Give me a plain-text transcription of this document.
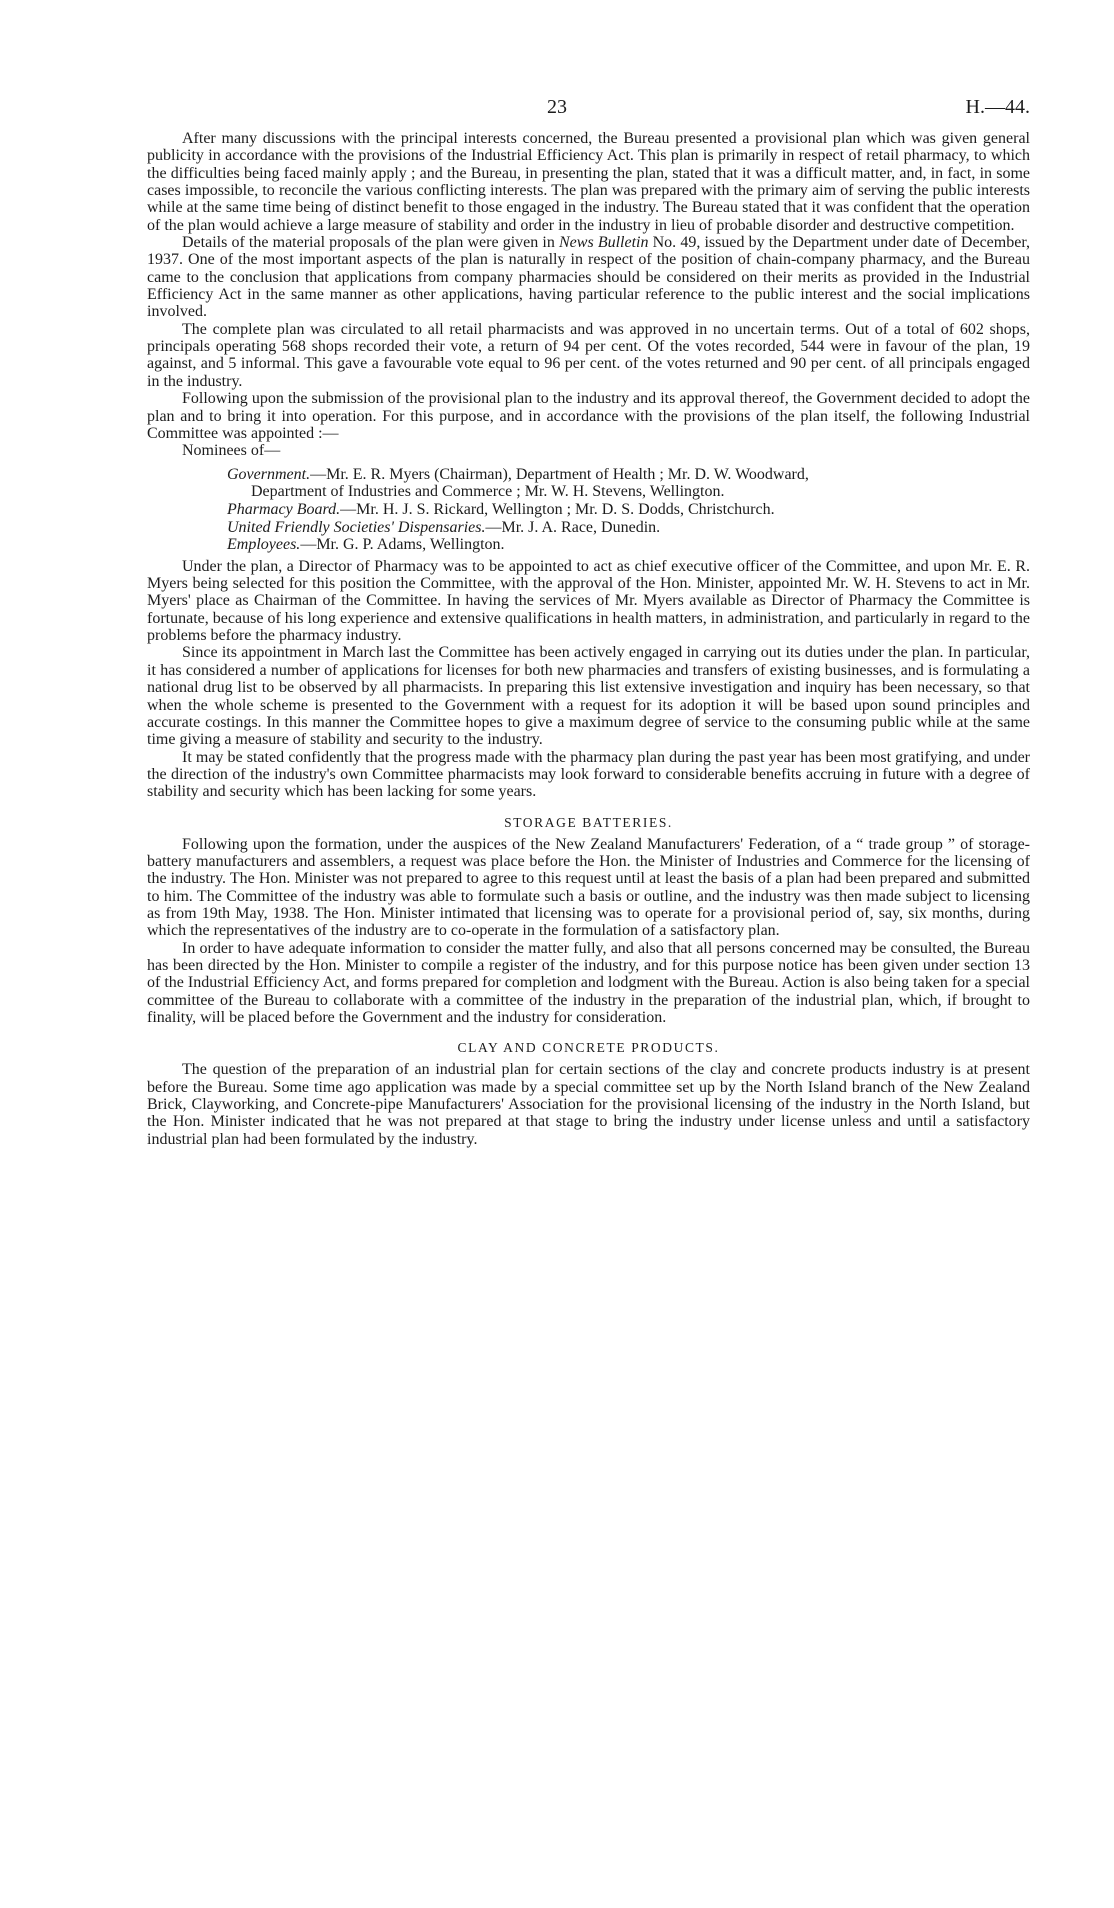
23	H.—44.

After many discussions with the principal interests concerned, the Bureau presented a provisional plan which was given general publicity in accordance with the provisions of the Industrial Efficiency Act. This plan is primarily in respect of retail pharmacy, to which the difficulties being faced mainly apply ; and the Bureau, in presenting the plan, stated that it was a difficult matter, and, in fact, in some cases impossible, to reconcile the various conflicting interests. The plan was prepared with the primary aim of serving the public interests while at the same time being of distinct benefit to those engaged in the industry. The Bureau stated that it was confident that the operation of the plan would achieve a large measure of stability and order in the industry in lieu of probable disorder and destructive competition.

Details of the material proposals of the plan were given in News Bulletin No. 49, issued by the Department under date of December, 1937. One of the most important aspects of the plan is naturally in respect of the position of chain-company pharmacy, and the Bureau came to the conclusion that applications from company pharmacies should be considered on their merits as provided in the Industrial Efficiency Act in the same manner as other applications, having particular reference to the public interest and the social implications involved.

The complete plan was circulated to all retail pharmacists and was approved in no uncertain terms. Out of a total of 602 shops, principals operating 568 shops recorded their vote, a return of 94 per cent. Of the votes recorded, 544 were in favour of the plan, 19 against, and 5 informal. This gave a favourable vote equal to 96 per cent. of the votes returned and 90 per cent. of all principals engaged in the industry.

Following upon the submission of the provisional plan to the industry and its approval thereof, the Government decided to adopt the plan and to bring it into operation. For this purpose, and in accordance with the provisions of the plan itself, the following Industrial Committee was appointed :—

Nominees of—
Government.—Mr. E. R. Myers (Chairman), Department of Health ; Mr. D. W. Woodward,
Department of Industries and Commerce ; Mr. W. H. Stevens, Wellington.
Pharmacy Board.—Mr. H. J. S. Rickard, Wellington ; Mr. D. S. Dodds, Christchurch.
United Friendly Societies' Dispensaries.—Mr. J. A. Race, Dunedin.
Employees.—Mr. G. P. Adams, Wellington.

Under the plan, a Director of Pharmacy was to be appointed to act as chief executive officer of the Committee, and upon Mr. E. R. Myers being selected for this position the Committee, with the approval of the Hon. Minister, appointed Mr. W. H. Stevens to act in Mr. Myers' place as Chairman of the Committee. In having the services of Mr. Myers available as Director of Pharmacy the Committee is fortunate, because of his long experience and extensive qualifications in health matters, in administration, and particularly in regard to the problems before the pharmacy industry.

Since its appointment in March last the Committee has been actively engaged in carrying out its duties under the plan. In particular, it has considered a number of applications for licenses for both new pharmacies and transfers of existing businesses, and is formulating a national drug list to be observed by all pharmacists. In preparing this list extensive investigation and inquiry has been necessary, so that when the whole scheme is presented to the Government with a request for its adoption it will be based upon sound principles and accurate costings. In this manner the Committee hopes to give a maximum degree of service to the consuming public while at the same time giving a measure of stability and security to the industry.

It may be stated confidently that the progress made with the pharmacy plan during the past year has been most gratifying, and under the direction of the industry's own Committee pharmacists may look forward to considerable benefits accruing in future with a degree of stability and security which has been lacking for some years.

STORAGE BATTERIES.

Following upon the formation, under the auspices of the New Zealand Manufacturers' Federation, of a “ trade group ” of storage-battery manufacturers and assemblers, a request was place before the Hon. the Minister of Industries and Commerce for the licensing of the industry. The Hon. Minister was not prepared to agree to this request until at least the basis of a plan had been prepared and submitted to him. The Committee of the industry was able to formulate such a basis or outline, and the industry was then made subject to licensing as from 19th May, 1938. The Hon. Minister intimated that licensing was to operate for a provisional period of, say, six months, during which the representatives of the industry are to co-operate in the formulation of a satisfactory plan.

In order to have adequate information to consider the matter fully, and also that all persons concerned may be consulted, the Bureau has been directed by the Hon. Minister to compile a register of the industry, and for this purpose notice has been given under section 13 of the Industrial Efficiency Act, and forms prepared for completion and lodgment with the Bureau. Action is also being taken for a special committee of the Bureau to collaborate with a committee of the industry in the preparation of the industrial plan, which, if brought to finality, will be placed before the Government and the industry for consideration.

CLAY AND CONCRETE PRODUCTS.

The question of the preparation of an industrial plan for certain sections of the clay and concrete products industry is at present before the Bureau. Some time ago application was made by a special committee set up by the North Island branch of the New Zealand Brick, Clayworking, and Concrete-pipe Manufacturers' Association for the provisional licensing of the industry in the North Island, but the Hon. Minister indicated that he was not prepared at that stage to bring the industry under license unless and until a satisfactory industrial plan had been formulated by the industry.
